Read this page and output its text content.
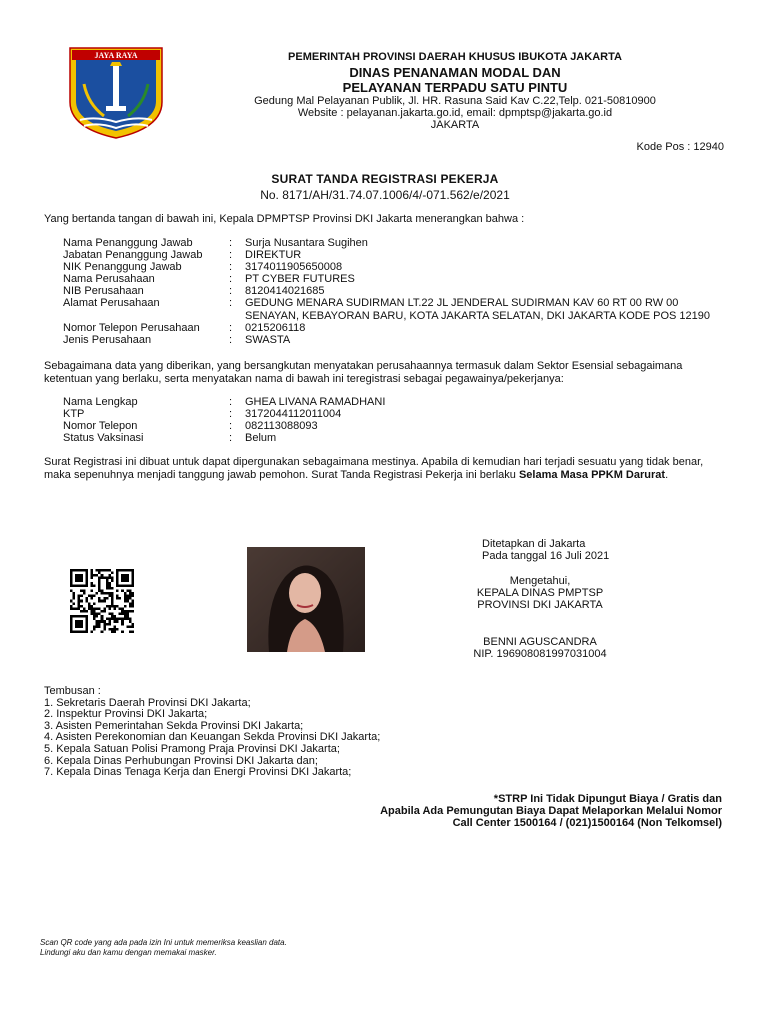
JAYA RAYA	PEMERINTAH PROVINSI DAERAH KHUSUS IBUKOTA JAKARTA
DINAS PENANAMAN MODAL DAN
PELAYANAN TERPADU SATU PINTU
Gedung Mal Pelayanan Publik, Jl. HR. Rasuna Said Kav C.22,Telp. 021-50810900
Website : pelayanan.jakarta.go.id, email: dpmptsp@jakarta.go.id
JAKARTA
Kode Pos : 12940
SURAT TANDA REGISTRASI PEKERJA
No. 8171/AH/31.74.07.1006/4/-071.562/e/2021
Yang bertanda tangan di bawah ini, Kepala DPMPTSP Provinsi DKI Jakarta menerangkan bahwa :
Nama Penanggung Jawab	: Surja Nusantara Sugihen
Jabatan Penanggung Jawab	: DIREKTUR
NIK Penanggung Jawab	: 3174011905650008
Nama Perusahaan	: PT CYBER FUTURES
NIB Perusahaan	: 8120414021685
Alamat Perusahaan	: GEDUNG MENARA SUDIRMAN LT.22 JL JENDERAL SUDIRMAN KAV 60 RT 00 RW 00
SENAYAN, KEBAYORAN BARU, KOTA JAKARTA SELATAN, DKI JAKARTA KODE POS 12190
Nomor Telepon Perusahaan	: 0215206118
Jenis Perusahaan	: SWASTA
Sebagaimana data yang diberikan, yang bersangkutan menyatakan perusahaannya termasuk dalam Sektor Esensial sebagaimana ketentuan yang berlaku, serta menyatakan nama di bawah ini teregistrasi sebagai pegawainya/pekerjanya:
Nama Lengkap	: GHEA LIVANA RAMADHANI
KTP	: 3172044112011004
Nomor Telepon	: 082113088093
Status Vaksinasi	: Belum
Surat Registrasi ini dibuat untuk dapat dipergunakan sebagaimana mestinya. Apabila di kemudian hari terjadi sesuatu yang tidak benar, maka sepenuhnya menjadi tanggung jawab pemohon. Surat Tanda Registrasi Pekerja ini berlaku Selama Masa PPKM Darurat.
Ditetapkan di Jakarta
Pada tanggal 16 Juli 2021
Mengetahui,
KEPALA DINAS PMPTSP
PROVINSI DKI JAKARTA
BENNI AGUSCANDRA
NIP. 196908081997031004
Tembusan :
1. Sekretaris Daerah Provinsi DKI Jakarta;
2. Inspektur Provinsi DKI Jakarta;
3. Asisten Pemerintahan Sekda Provinsi DKI Jakarta;
4. Asisten Perekonomian dan Keuangan Sekda Provinsi DKI Jakarta;
5. Kepala Satuan Polisi Pramong Praja Provinsi DKI Jakarta;
6. Kepala Dinas Perhubungan Provinsi DKI Jakarta dan;
7. Kepala Dinas Tenaga Kerja dan Energi Provinsi DKI Jakarta;
*STRP Ini Tidak Dipungut Biaya / Gratis dan
Apabila Ada Pemungutan Biaya Dapat Melaporkan Melalui Nomor
Call Center 1500164 / (021)1500164 (Non Telkomsel)
Scan QR code yang ada pada izin Ini untuk memeriksa keaslian data.
Lindungi aku dan kamu dengan memakai masker.
